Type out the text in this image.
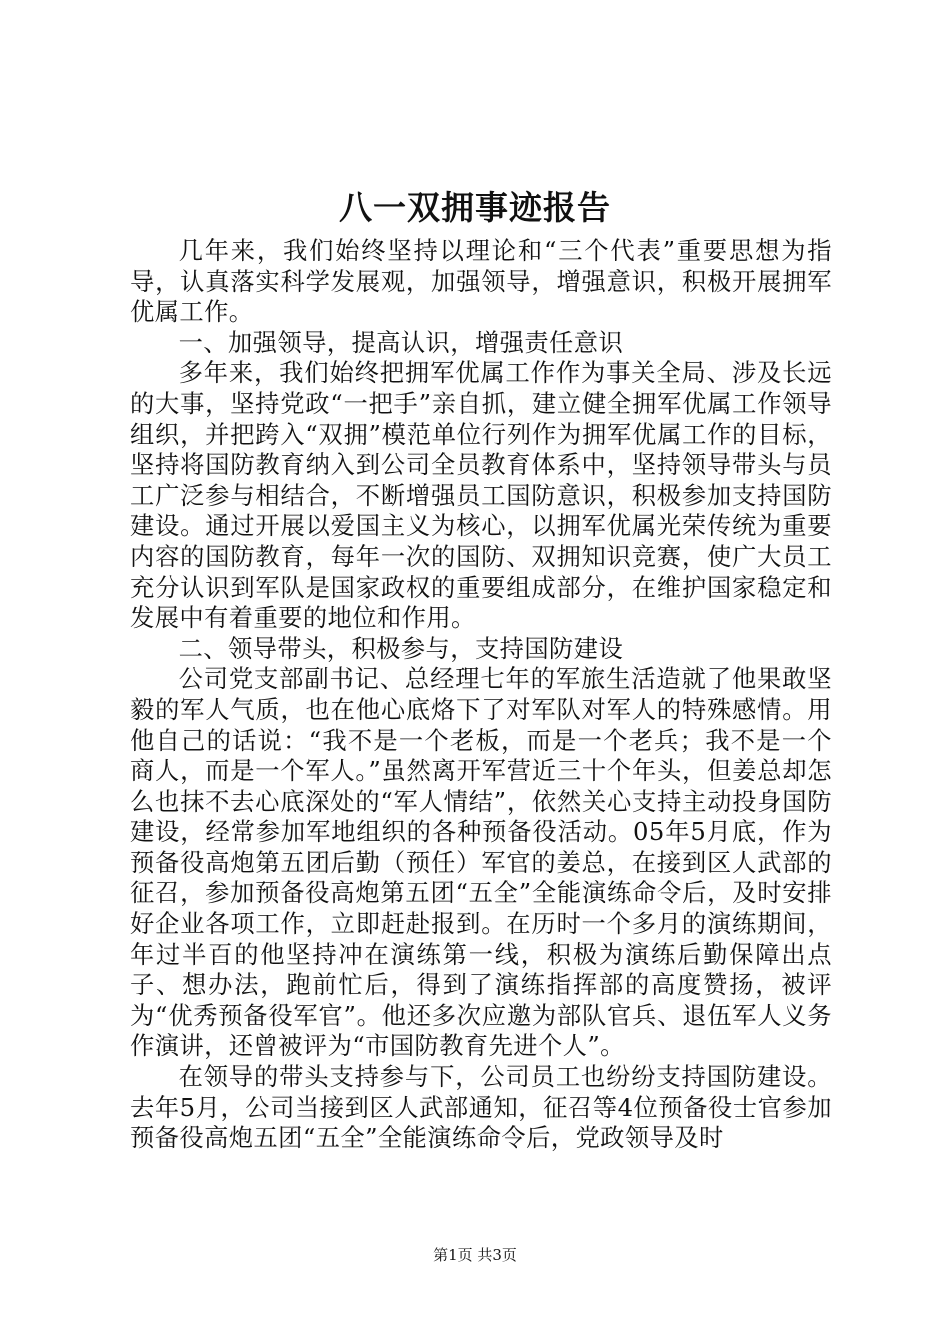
八一双拥事迹报告

几年来，我们始终坚持以理论和“三个代表”重要思想为指导，认真落实科学发展观，加强领导，增强意识，积极开展拥军优属工作。

一、加强领导，提高认识，增强责任意识

多年来，我们始终把拥军优属工作作为事关全局、涉及长远的大事，坚持党政“一把手”亲自抓，建立健全拥军优属工作领导组织，并把跨入“双拥”模范单位行列作为拥军优属工作的目标，坚持将国防教育纳入到公司全员教育体系中，坚持领导带头与员工广泛参与相结合，不断增强员工国防意识，积极参加支持国防建设。通过开展以爱国主义为核心，以拥军优属光荣传统为重要内容的国防教育，每年一次的国防、双拥知识竞赛，使广大员工充分认识到军队是国家政权的重要组成部分，在维护国家稳定和发展中有着重要的地位和作用。

二、领导带头，积极参与，支持国防建设

公司党支部副书记、总经理七年的军旅生活造就了他果敢坚毅的军人气质，也在他心底烙下了对军队对军人的特殊感情。用他自己的话说：“我不是一个老板，而是一个老兵；我不是一个商人，而是一个军人。”虽然离开军营近三十个年头，但姜总却怎么也抹不去心底深处的“军人情结”，依然关心支持主动投身国防建设，经常参加军地组织的各种预备役活动。05年5月底，作为预备役高炮第五团后勤（预任）军官的姜总，在接到区人武部的征召，参加预备役高炮第五团“五全”全能演练命令后，及时安排好企业各项工作，立即赶赴报到。在历时一个多月的演练期间，年过半百的他坚持冲在演练第一线，积极为演练后勤保障出点子、想办法，跑前忙后，得到了演练指挥部的高度赞扬，被评为“优秀预备役军官”。他还多次应邀为部队官兵、退伍军人义务作演讲，还曾被评为“市国防教育先进个人”。

在领导的带头支持参与下，公司员工也纷纷支持国防建设。去年5月，公司当接到区人武部通知，征召等4位预备役士官参加预备役高炮五团“五全”全能演练命令后，党政领导及时

第1页 共3页
